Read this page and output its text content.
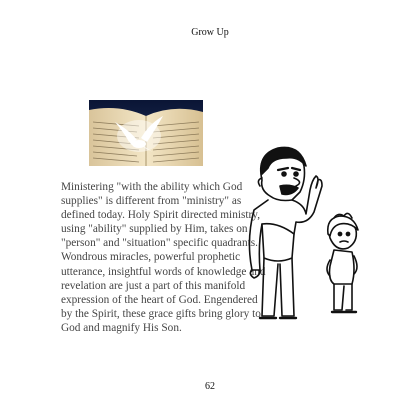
Grow Up

Ministering "with the ability which God supplies" is different from "ministry" as defined today. Holy Spirit directed ministry, using "ability" supplied by Him, takes on "person" and "situation" specific quadrants. Wondrous miracles, powerful prophetic utterance, insightful words of knowledge and revelation are just a part of this manifold expression of the heart of God. Engendered by the Spirit, these grace gifts bring glory to God and magnify His Son.

62
